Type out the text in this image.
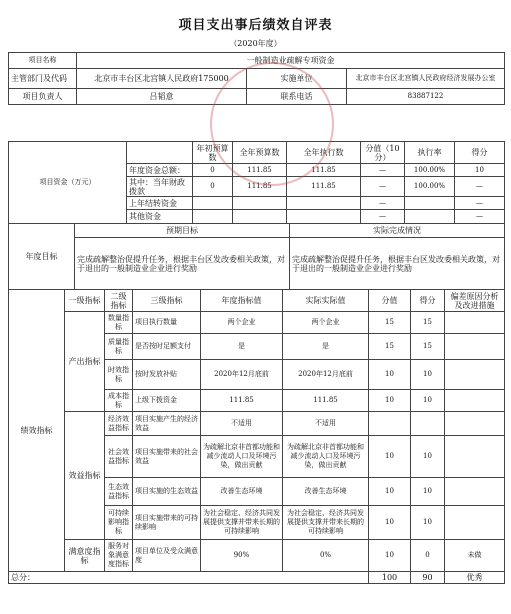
项目支出事后绩效自评表
（2020年度）
项目名称	一般制造业疏解专项资金		
主管部门及代码	北京市丰台区北宫镇人民政府175000	实施单位	北京市丰台区北宫镇人民政府经济发展办公室
项目负责人	吕韬意	联系电话	83887122
项目资金（万元）		年初预算数	全年预算数	全年执行数	分值（10分）	执行率	得分
	年度资金总额：	0	111.85	111.85	—	100.00%	10
	其中：当年财政拨款	0	111.85	111.85	—	100.00%	—
	上年结转资金				—		—
	其他资金				—		—
年度目标	预期目标	实际完成情况
	完成疏解整治促提升任务，根据丰台区发改委相关政策，对于退出的一般制造业企业进行奖励	完成疏解整治促提升任务，根据丰台区发改委相关政策，对于退出的一般制造业企业进行奖励
绩效指标	一级指标	二级指标	三级指标	年度指标值	实际实际值	分值	得分	偏差原因分析及改进措施
	产出指标	数量指标	项目执行数量	两个企业	两个企业	15	15	
		质量指标	是否按时足额支付	是	是	15	15	
		时效指标	按时发放补贴	2020年12月底前	2020年12月底前	10	10	
		成本指标	上级下拨资金	111.85	111.85	10	10	
	效益指标	经济效益指标	项目实施产生的经济效益	不适用	不适用			
		社会效益指标	项目实施带来的社会效益	为疏解北京非首都功能和减少流动人口及环境污染，做出贡献	为疏解北京非首都功能和减少流动人口及环境污染，做出贡献	10	10	
		生态效益指标	项目实施的生态效益	改善生态环境	改善生态环境	10	10	
		可持续影响指标	项目实施带来的可持续影响	为社会稳定、经济共同发展提供支撑并带来长期的可持续影响	为社会稳定、经济共同发展提供支撑并带来长期的可持续影响	10	10	
	满意度指标	服务对象满意度指标	项目单位及受众满意度	90%	0%	10	0	未做
总分：						100	90	优秀
